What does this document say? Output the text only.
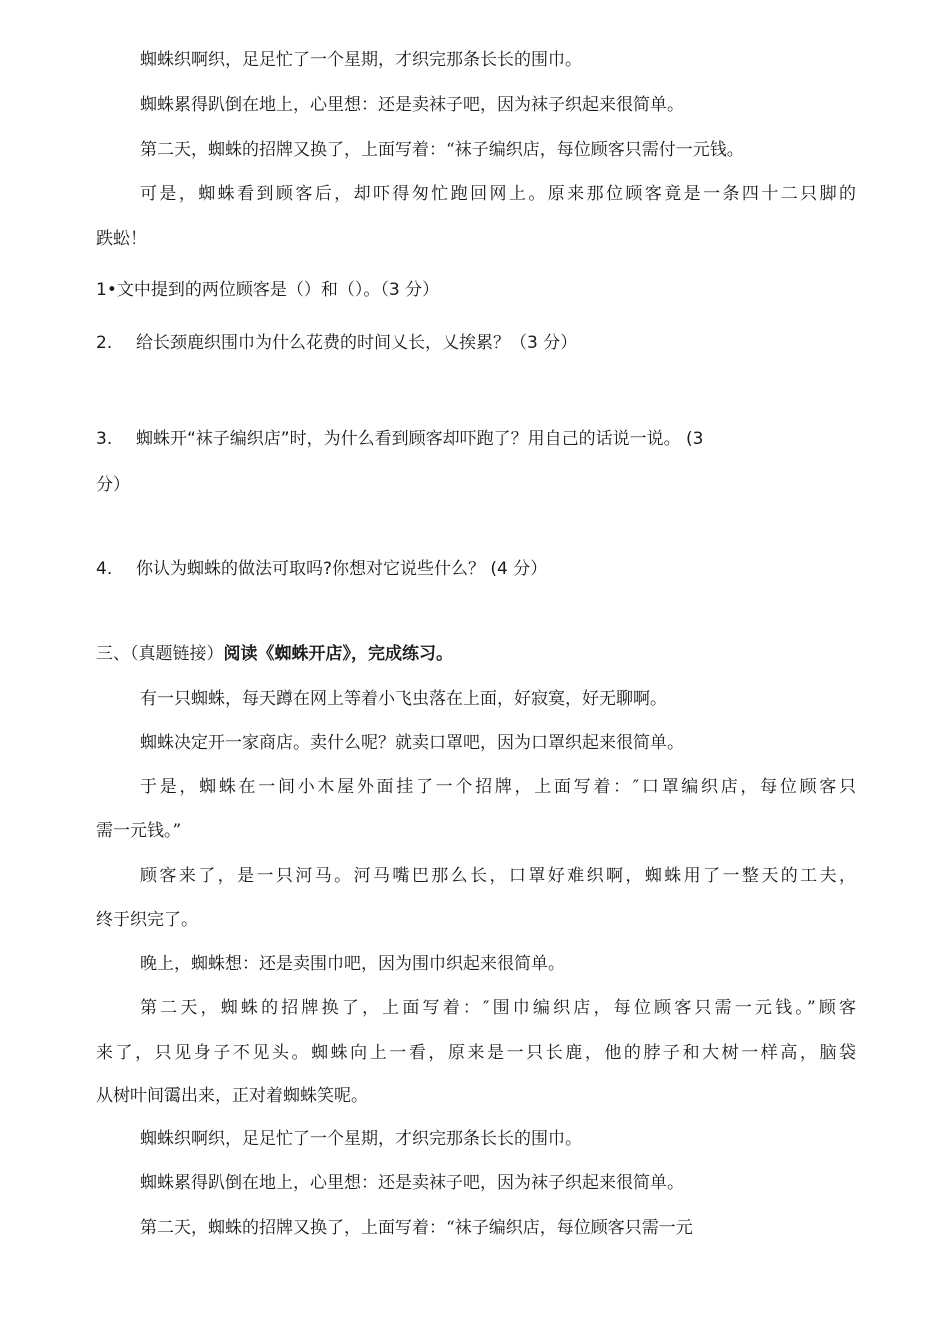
蜘蛛织啊织，足足忙了一个星期，才织完那条长长的围巾。
蜘蛛累得趴倒在地上，心里想：还是卖袜子吧，因为袜子织起来很简单。
第二天，蜘蛛的招牌又换了，上面写着：“袜子编织店，每位顾客只需付一元钱。
可是，蜘蛛看到顾客后，却吓得匆忙跑回网上。原来那位顾客竟是一条四十二只脚的
跌蚣！
1•文中提到的两位顾客是（）和（）。（3 分）
2. 给长颈鹿织围巾为什么花费的时间乂长，乂挨累？（3 分）
3. 蜘蛛开“袜子编织店”时，为什么看到顾客却吓跑了？用自己的话说一说。 (3
分）
4. 你认为蜘蛛的做法可取吗?你想对它说些什么？ (4 分）
三、（真题链接）阅读《蜘蛛开店》，完成练习。
有一只蜘蛛，每天蹲在网上等着小飞虫落在上面，好寂寞，好无聊啊。
蜘蛛决定开一家商店。卖什么呢？就卖口罩吧，因为口罩织起来很简单。
于是，蜘蛛在一间小木屋外面挂了一个招牌，上面写着：″口罩编织店，每位顾客只
需一元钱。”
顾客来了，是一只河马。河马嘴巴那么长，口罩好难织啊，蜘蛛用了一整天的工夫，
终于织完了。
晚上，蜘蛛想：还是卖围巾吧，因为围巾织起来很简单。
第二天，蜘蛛的招牌换了，上面写着：″围巾编织店，每位顾客只需一元钱。”顾客
来了，只见身子不见头。蜘蛛向上一看，原来是一只长鹿，他的脖子和大树一样高，脑袋
从树叶间霭出来，正对着蜘蛛笑呢。
蜘蛛织啊织，足足忙了一个星期，才织完那条长长的围巾。
蜘蛛累得趴倒在地上，心里想：还是卖袜子吧，因为袜子织起来很简单。
第二天，蜘蛛的招牌又换了，上面写着：“袜子编织店，每位顾客只需一元
